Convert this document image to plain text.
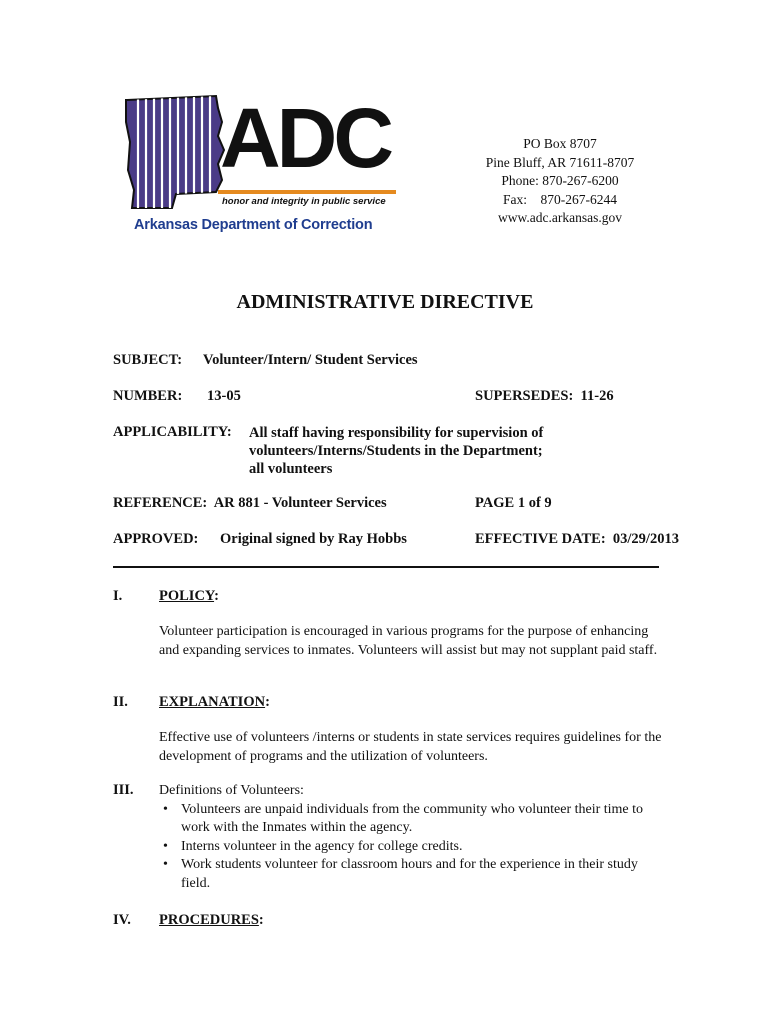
ADC
honor and integrity in public service
Arkansas Department of Correction
PO Box 8707
Pine Bluff, AR 71611-8707
Phone: 870-267-6200
Fax:    870-267-6244
www.adc.arkansas.gov
ADMINISTRATIVE DIRECTIVE
SUBJECT: Volunteer/Intern/ Student Services
NUMBER: 13-05	SUPERSEDES:  11-26
APPLICABILITY: All staff having responsibility for supervision of
volunteers/Interns/Students in the Department;
all volunteers
REFERENCE:  AR 881 - Volunteer Services	PAGE 1 of 9
APPROVED: Original signed by Ray Hobbs	EFFECTIVE DATE:  03/29/2013
I.	POLICY:
Volunteer participation is encouraged in various programs for the purpose of enhancing and expanding services to inmates. Volunteers will assist but may not supplant paid staff.
II. EXPLANATION:
Effective use of volunteers /interns or students in state services requires guidelines for the development of programs and the utilization of volunteers.
III. Definitions of Volunteers:
• Volunteers are unpaid individuals from the community who volunteer their time to work with the Inmates within the agency.
• Interns volunteer in the agency for college credits.
• Work students volunteer for classroom hours and for the experience in their study field.
IV. PROCEDURES:
